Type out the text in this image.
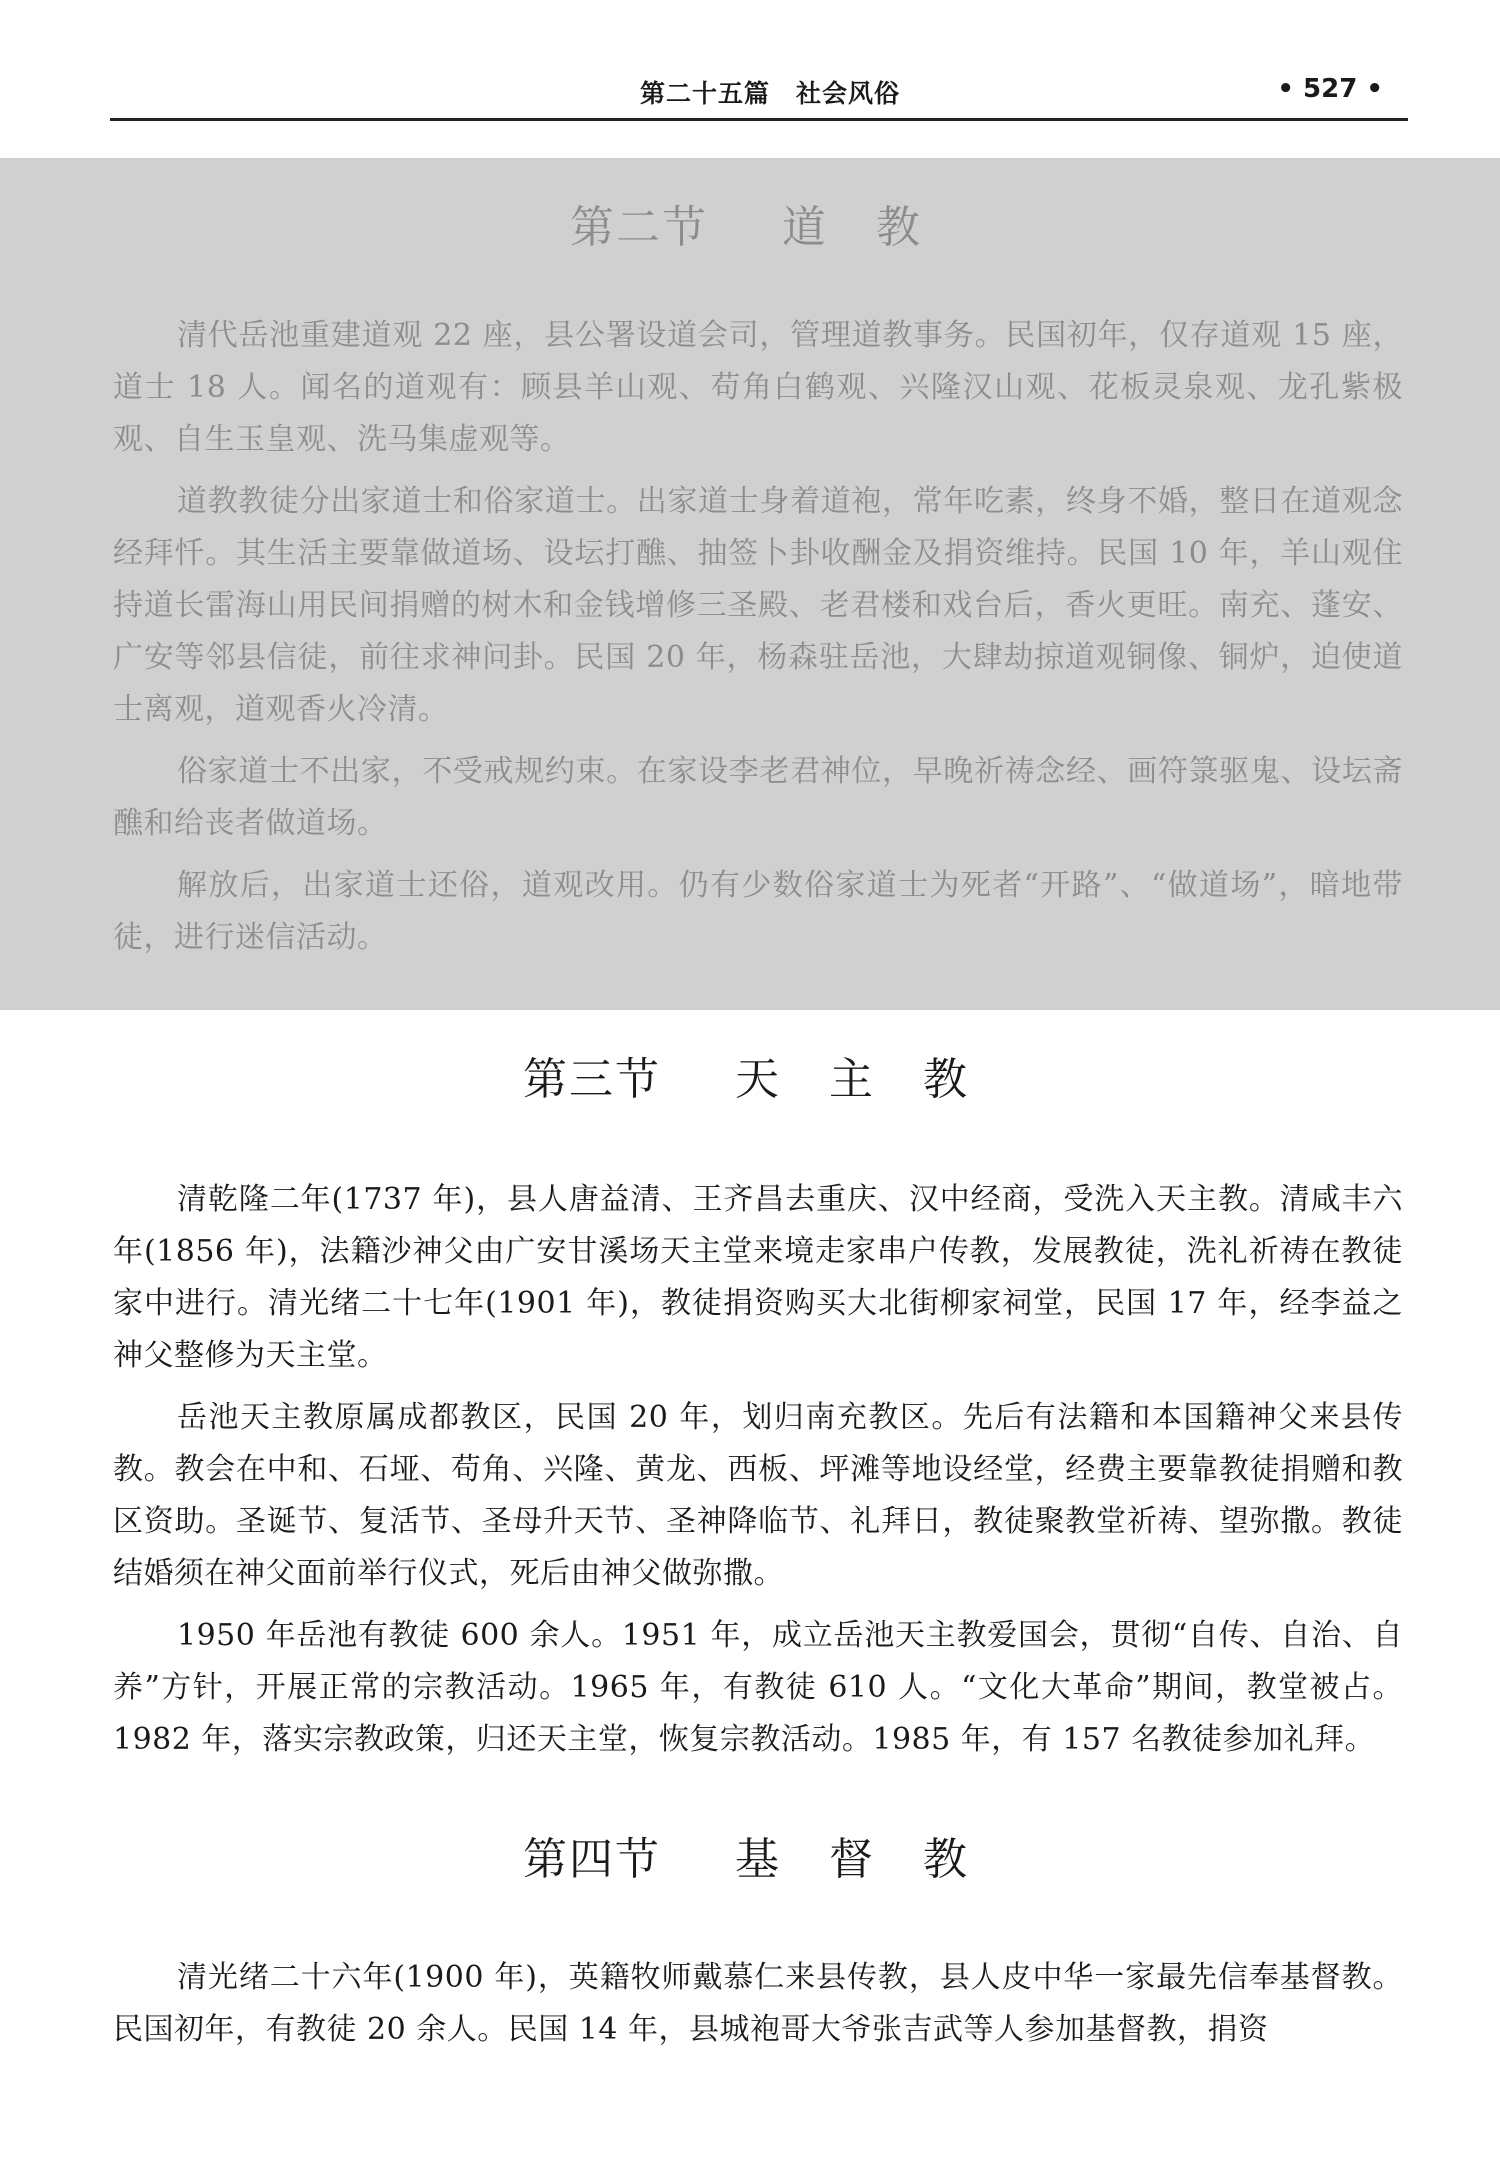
第二十五篇　社会风俗	• 527 •
第二节 道 教

清代岳池重建道观 22 座，县公署设道会司，管理道教事务。民国初年，仅存道观 15 座，道士 18 人。闻名的道观有：顾县羊山观、苟角白鹤观、兴隆汉山观、花板灵泉观、龙孔紫极观、自生玉皇观、洗马集虚观等。

道教教徒分出家道士和俗家道士。出家道士身着道袍，常年吃素，终身不婚，整日在道观念经拜忏。其生活主要靠做道场、设坛打醮、抽签卜卦收酬金及捐资维持。民国 10 年，羊山观住持道长雷海山用民间捐赠的树木和金钱增修三圣殿、老君楼和戏台后，香火更旺。南充、蓬安、广安等邻县信徒，前往求神问卦。民国 20 年，杨森驻岳池，大肆劫掠道观铜像、铜炉，迫使道士离观，道观香火冷清。

俗家道士不出家，不受戒规约束。在家设李老君神位，早晚祈祷念经、画符箓驱鬼、设坛斋醮和给丧者做道场。

解放后，出家道士还俗，道观改用。仍有少数俗家道士为死者“开路”、“做道场”，暗地带徒，进行迷信活动。

第三节 天 主 教

清乾隆二年(1737 年)，县人唐益清、王齐昌去重庆、汉中经商，受洗入天主教。清咸丰六年(1856 年)，法籍沙神父由广安甘溪场天主堂来境走家串户传教，发展教徒，洗礼祈祷在教徒家中进行。清光绪二十七年(1901 年)，教徒捐资购买大北街柳家祠堂，民国 17 年，经李益之神父整修为天主堂。

岳池天主教原属成都教区，民国 20 年，划归南充教区。先后有法籍和本国籍神父来县传教。教会在中和、石垭、苟角、兴隆、黄龙、西板、坪滩等地设经堂，经费主要靠教徒捐赠和教区资助。圣诞节、复活节、圣母升天节、圣神降临节、礼拜日，教徒聚教堂祈祷、望弥撒。教徒结婚须在神父面前举行仪式，死后由神父做弥撒。

1950 年岳池有教徒 600 余人。1951 年，成立岳池天主教爱国会，贯彻“自传、自治、自养”方针，开展正常的宗教活动。1965 年，有教徒 610 人。“文化大革命”期间，教堂被占。1982 年，落实宗教政策，归还天主堂，恢复宗教活动。1985 年，有 157 名教徒参加礼拜。

第四节 基 督 教

清光绪二十六年(1900 年)，英籍牧师戴慕仁来县传教，县人皮中华一家最先信奉基督教。民国初年，有教徒 20 余人。民国 14 年，县城袍哥大爷张吉武等人参加基督教，捐资
